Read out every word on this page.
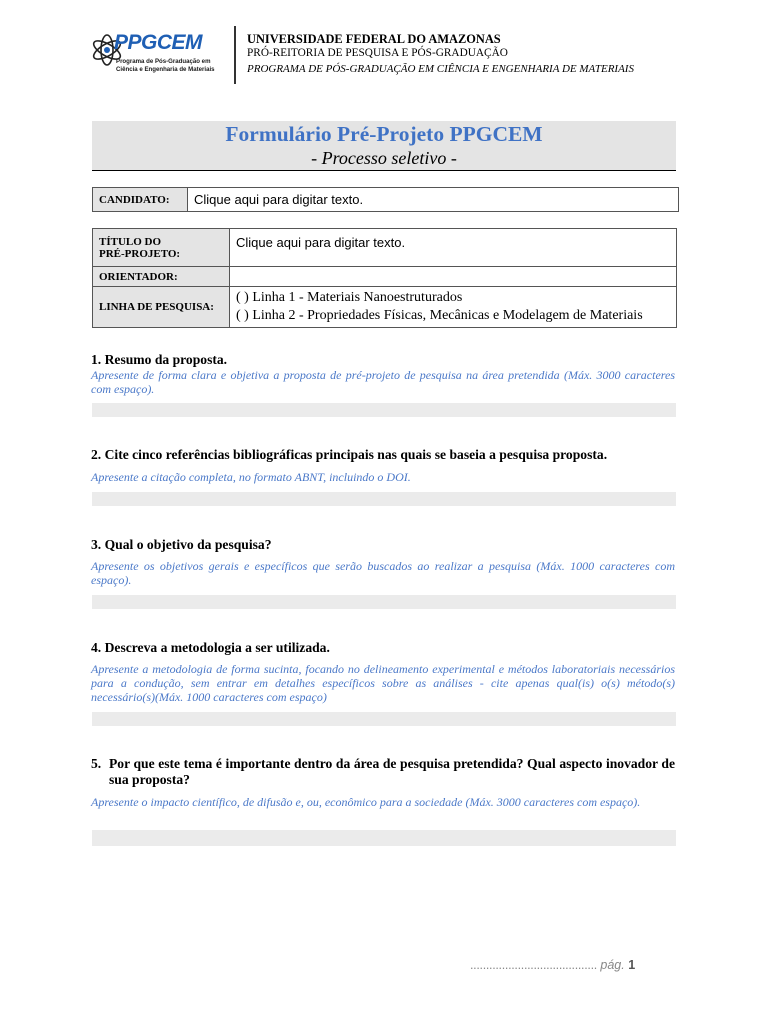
PPGCEM
Programa de Pós-Graduação em
Ciência e Engenharia de Materiais
UNIVERSIDADE FEDERAL DO AMAZONAS
PRÓ-REITORIA DE PESQUISA E PÓS-GRADUAÇÃO
PROGRAMA DE PÓS-GRADUAÇÃO EM CIÊNCIA E ENGENHARIA DE MATERIAIS
Formulário Pré-Projeto PPGCEM
- Processo seletivo -
CANDIDATO:	Clique aqui para digitar texto.
TÍTULO DO
PRÉ-PROJETO:	Clique aqui para digitar texto.
ORIENTADOR:	
LINHA DE PESQUISA:	( ) Linha 1 - Materiais Nanoestruturados
( ) Linha 2 - Propriedades Físicas, Mecânicas e Modelagem de Materiais
1. Resumo da proposta.
Apresente de forma clara e objetiva a proposta de pré-projeto de pesquisa na área pretendida (Máx. 3000 caracteres com espaço).
2. Cite cinco referências bibliográficas principais nas quais se baseia a pesquisa proposta.
Apresente a citação completa, no formato ABNT, incluindo o DOI.
3. Qual o objetivo da pesquisa?
Apresente os objetivos gerais e específicos que serão buscados ao realizar a pesquisa (Máx. 1000 caracteres com espaço).
4. Descreva a metodologia a ser utilizada.
Apresente a metodologia de forma sucinta, focando no delineamento experimental e métodos laboratoriais necessários para a condução, sem entrar em detalhes específicos sobre as análises - cite apenas qual(is) o(s) método(s) necessário(s)(Máx. 1000 caracteres com espaço)
5. Por que este tema é importante dentro da área de pesquisa pretendida? Qual aspecto inovador de sua proposta?
Apresente o impacto científico, de difusão e, ou, econômico para a sociedade (Máx. 3000 caracteres com espaço).
........................................ pág. 1
